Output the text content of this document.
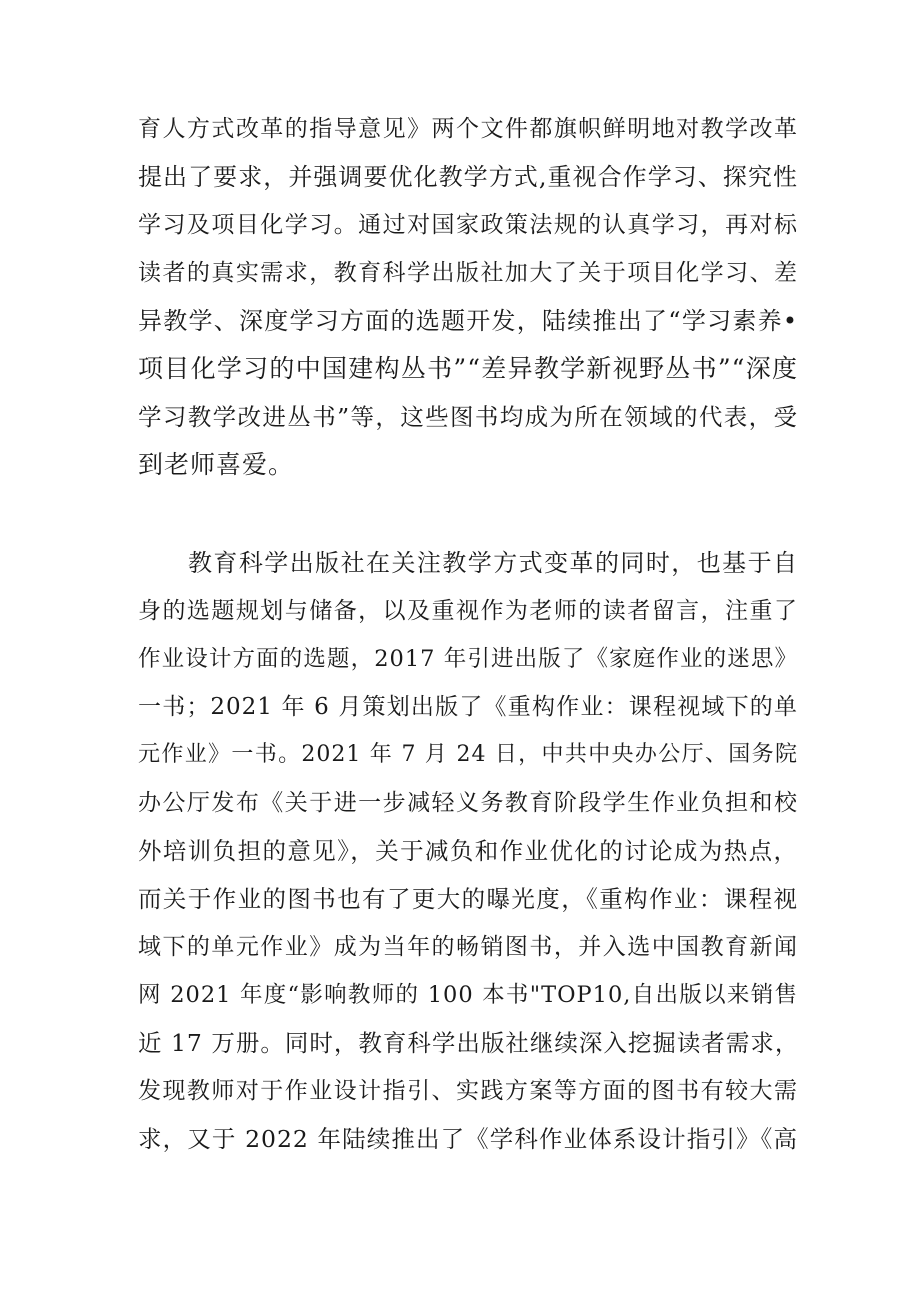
育人方式改革的指导意见》两个文件都旗帜鲜明地对教学改革
提出了要求，并强调要优化教学方式,重视合作学习、探究性
学习及项目化学习。通过对国家政策法规的认真学习，再对标
读者的真实需求，教育科学出版社加大了关于项目化学习、差
异教学、深度学习方面的选题开发，陆续推出了“学习素养•
项目化学习的中国建构丛书”“差异教学新视野丛书”“深度
学习教学改进丛书”等，这些图书均成为所在领域的代表，受
到老师喜爱。
教育科学出版社在关注教学方式变革的同时，也基于自
身的选题规划与储备，以及重视作为老师的读者留言，注重了
作业设计方面的选题，2017 年引进出版了《家庭作业的迷思》
一书；2021 年 6 月策划出版了《重构作业：课程视域下的单
元作业》一书。2021 年 7 月 24 日，中共中央办公厅、国务院
办公厅发布《关于进一步减轻义务教育阶段学生作业负担和校
外培训负担的意见》，关于减负和作业优化的讨论成为热点，
而关于作业的图书也有了更大的曝光度，《重构作业：课程视
域下的单元作业》成为当年的畅销图书，并入选中国教育新闻
网 2021 年度“影响教师的 100 本书"TOP10,自出版以来销售
近 17 万册。同时，教育科学出版社继续深入挖掘读者需求，
发现教师对于作业设计指引、实践方案等方面的图书有较大需
求，又于 2022 年陆续推出了《学科作业体系设计指引》《高
